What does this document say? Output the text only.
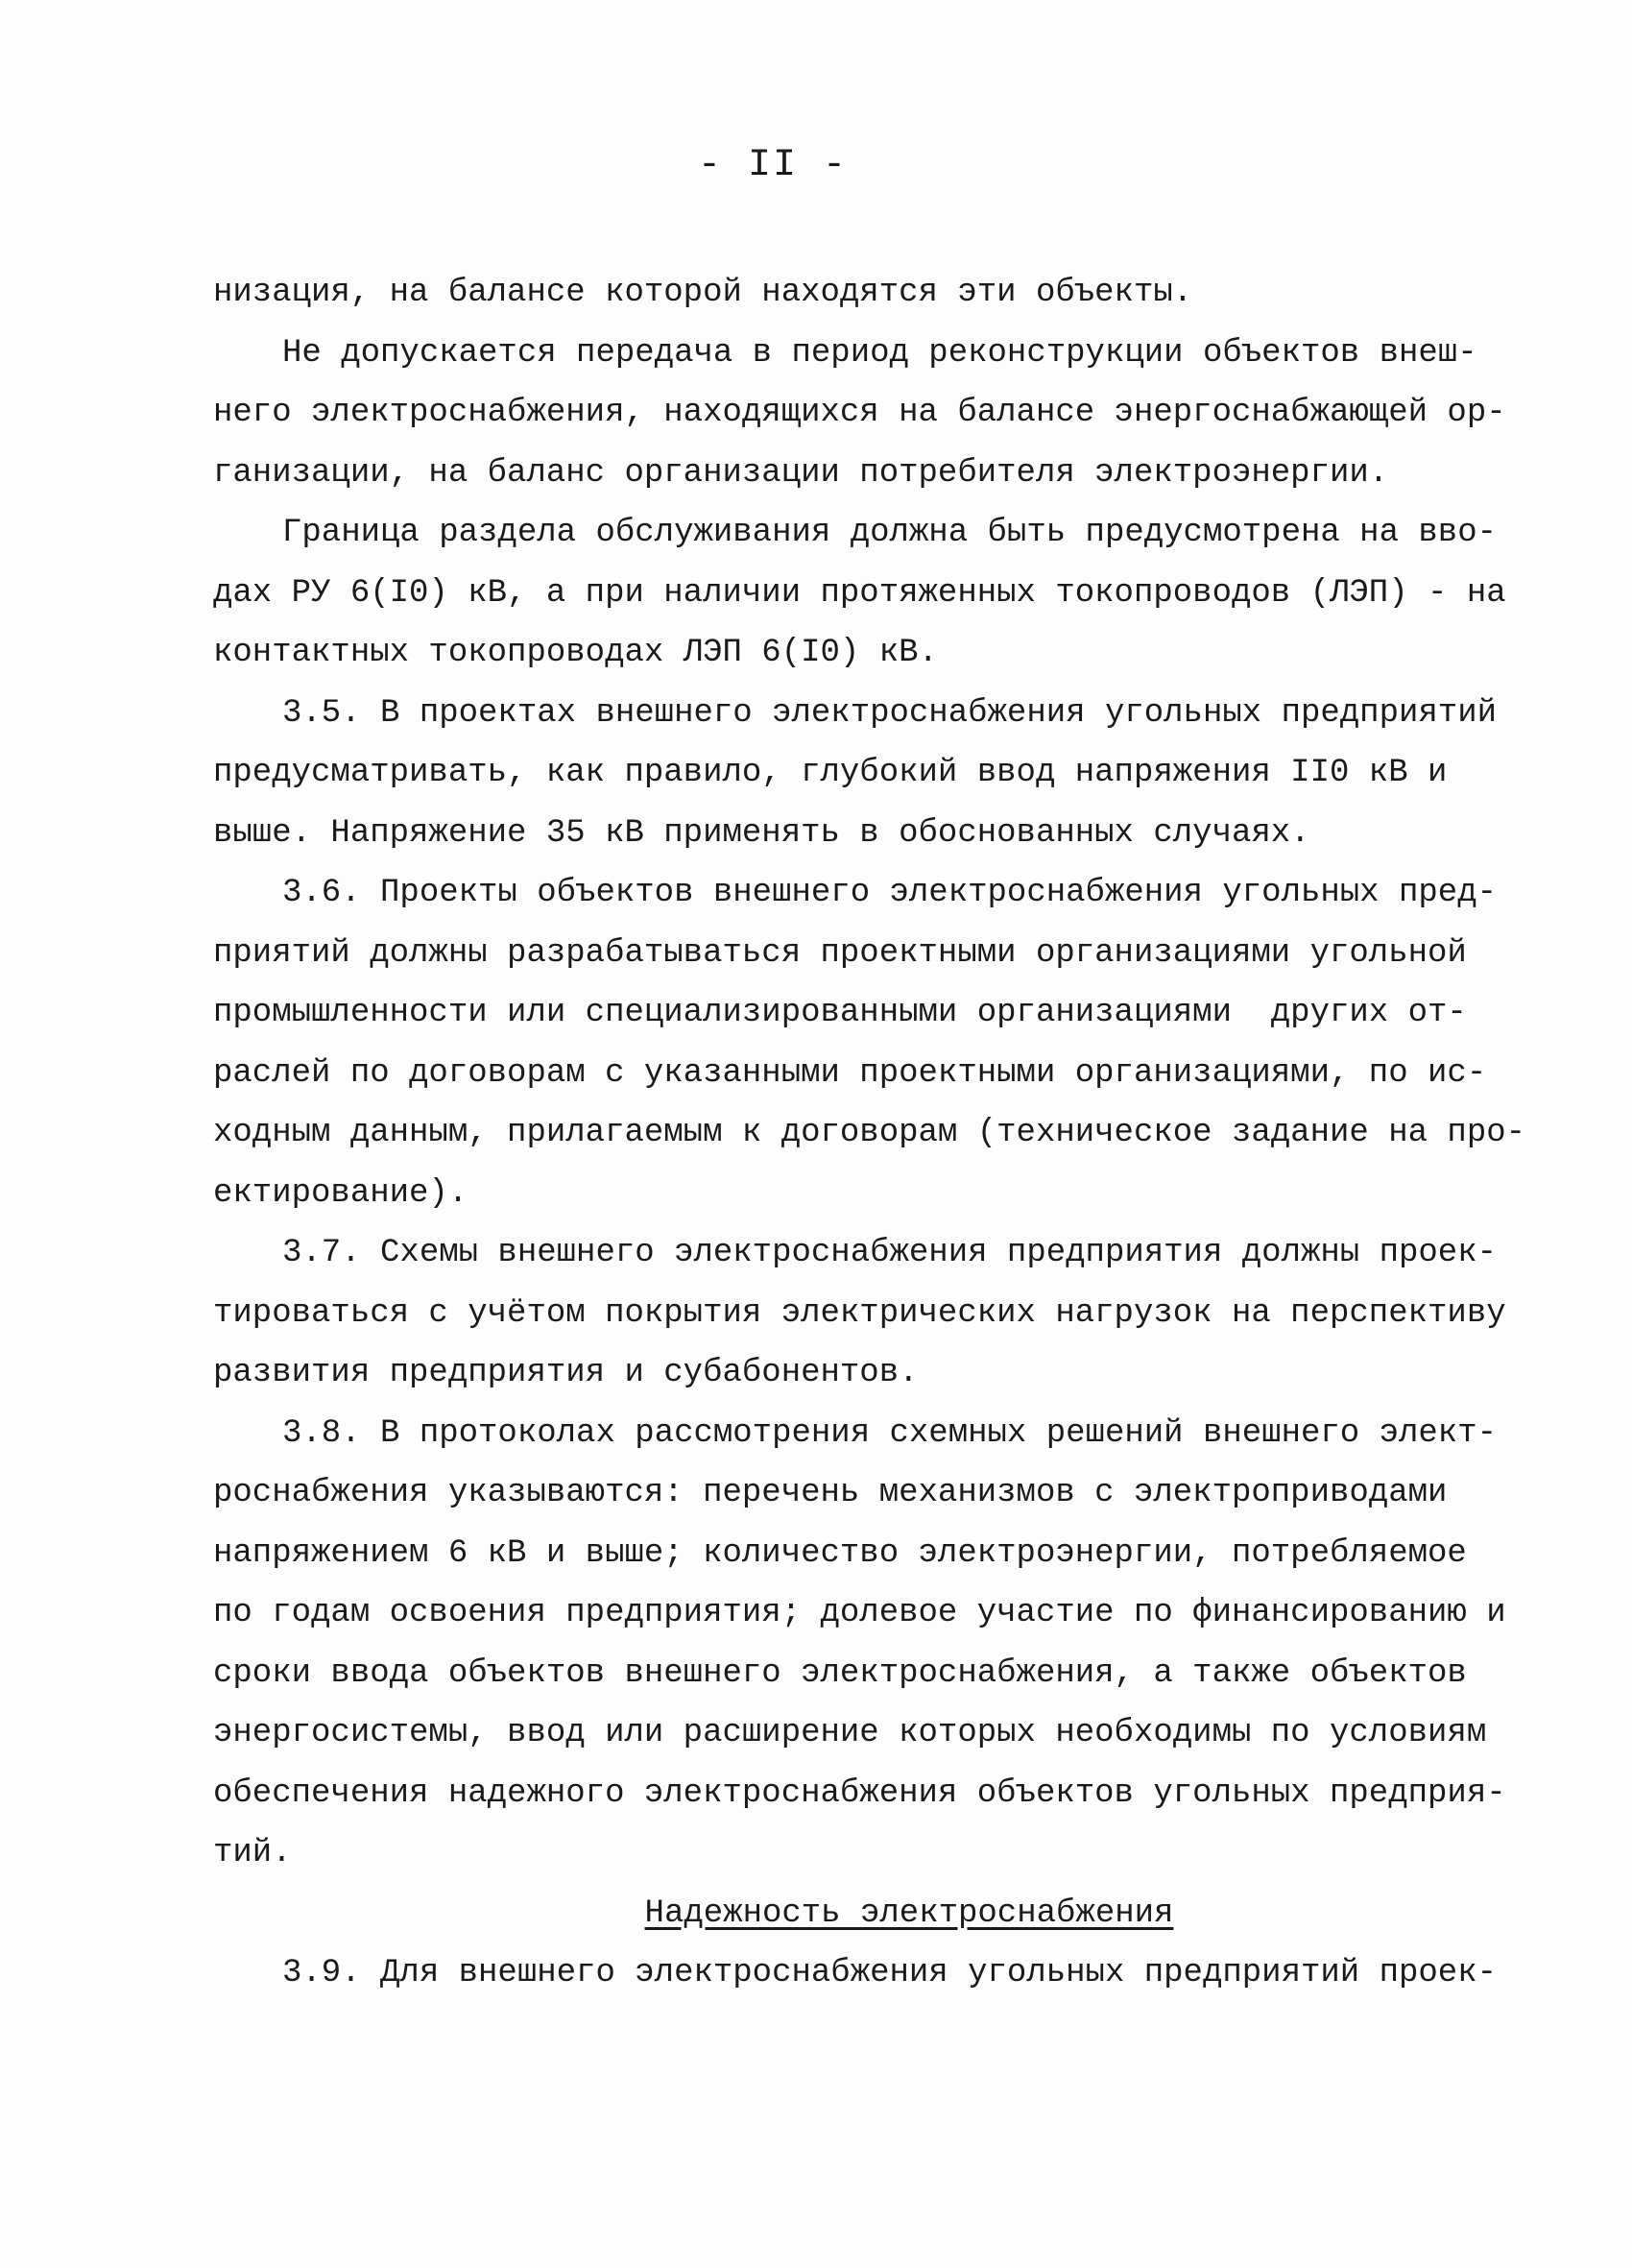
- II -
низация, на балансе которой находятся эти объекты.
Не допускается передача в период реконструкции объектов внеш-
него электроснабжения, находящихся на балансе энергоснабжающей ор-
ганизации, на баланс организации потребителя электроэнергии.
Граница раздела обслуживания должна быть предусмотрена на вво-
дах РУ 6(I0) кВ, а при наличии протяженных токопроводов (ЛЭП) - на
контактных токопроводах ЛЭП 6(I0) кВ.
3.5. В проектах внешнего электроснабжения угольных предприятий
предусматривать, как правило, глубокий ввод напряжения II0 кВ и
выше. Напряжение 35 кВ применять в обоснованных случаях.
3.6. Проекты объектов внешнего электроснабжения угольных пред-
приятий должны разрабатываться проектными организациями угольной
промышленности или специализированными организациями  других от-
раслей по договорам с указанными проектными организациями, по ис-
ходным данным, прилагаемым к договорам (техническое задание на про-
ектирование).
3.7. Схемы внешнего электроснабжения предприятия должны проек-
тироваться с учётом покрытия электрических нагрузок на перспективу
развития предприятия и субабонентов.
3.8. В протоколах рассмотрения схемных решений внешнего элект-
роснабжения указываются: перечень механизмов с электроприводами
напряжением 6 кВ и выше; количество электроэнергии, потребляемое
по годам освоения предприятия; долевое участие по финансированию и
сроки ввода объектов внешнего электроснабжения, а также объектов
энергосистемы, ввод или расширение которых необходимы по условиям
обеспечения надежного электроснабжения объектов угольных предприя-
тий.
Надежность электроснабжения
3.9. Для внешнего электроснабжения угольных предприятий проек-
